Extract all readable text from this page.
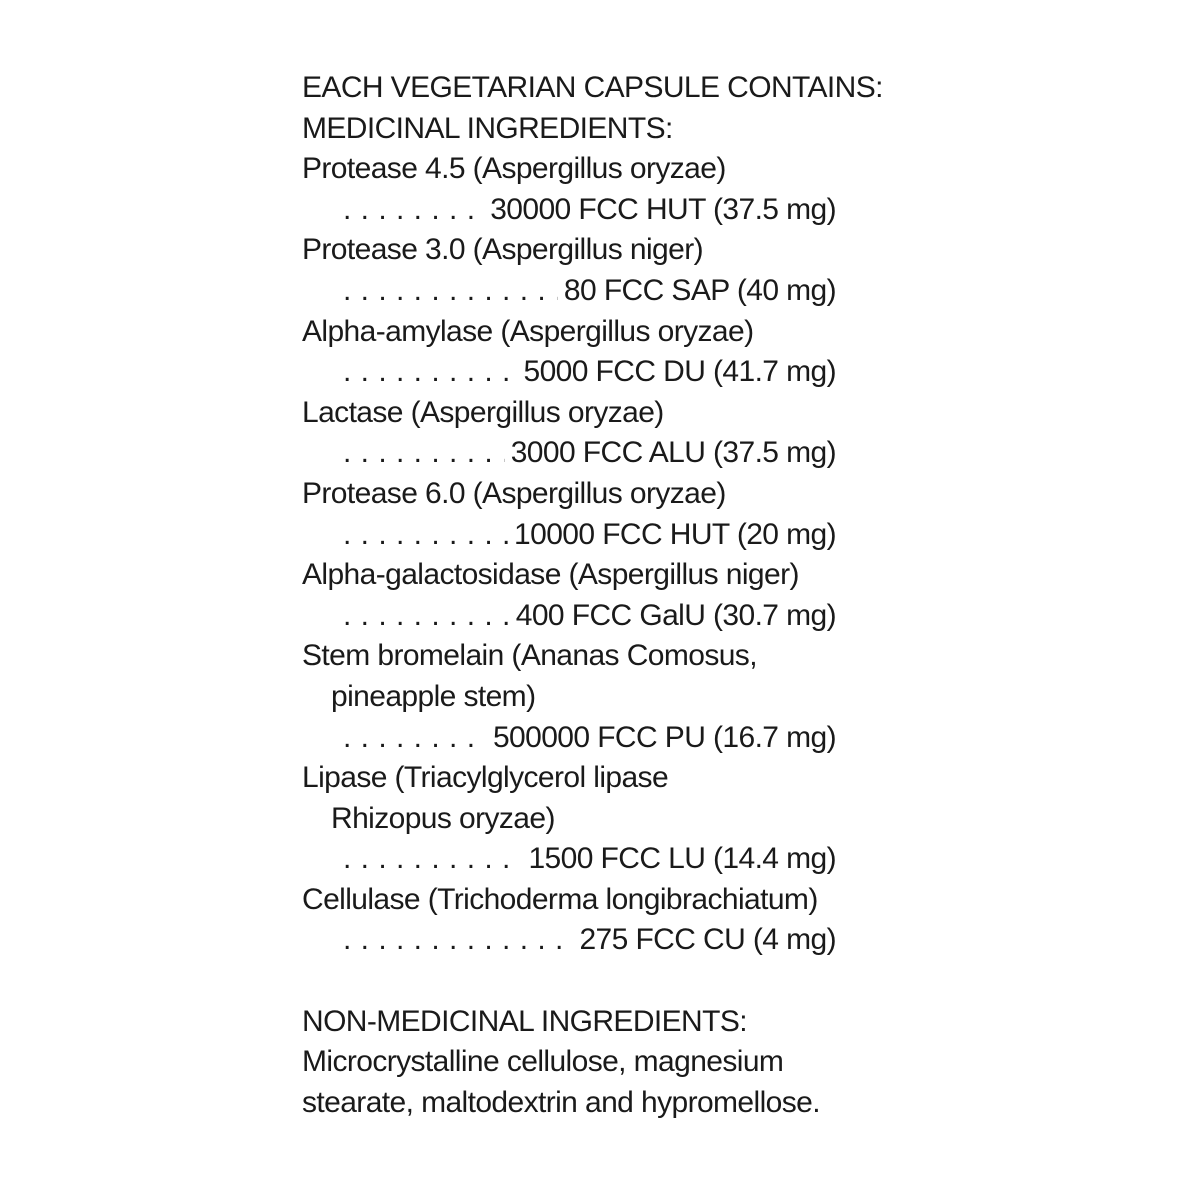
EACH VEGETARIAN CAPSULE CONTAINS:
MEDICINAL INGREDIENTS:
Protease 4.5 (Aspergillus oryzae)
. . .
30000 FCC HUT (37.5 mg)
Protease 3.0 (Aspergillus niger)
. . .
80 FCC SAP (40 mg)
Alpha-amylase (Aspergillus oryzae)
. . .
5000 FCC DU (41.7 mg)
Lactase (Aspergillus oryzae)
. . .
3000 FCC ALU (37.5 mg)
Protease 6.0 (Aspergillus oryzae)
. . .
10000 FCC HUT (20 mg)
Alpha-galactosidase (Aspergillus niger)
. . .
400 FCC GalU (30.7 mg)
Stem bromelain (Ananas Comosus,
pineapple stem)
. . .
500000 FCC PU (16.7 mg)
Lipase (Triacylglycerol lipase
Rhizopus oryzae)
. . .
1500 FCC LU (14.4 mg)
Cellulase (Trichoderma longibrachiatum)
. . .
275 FCC CU (4 mg)
NON-MEDICINAL INGREDIENTS:
Microcrystalline cellulose, magnesium
stearate, maltodextrin and hypromellose.
